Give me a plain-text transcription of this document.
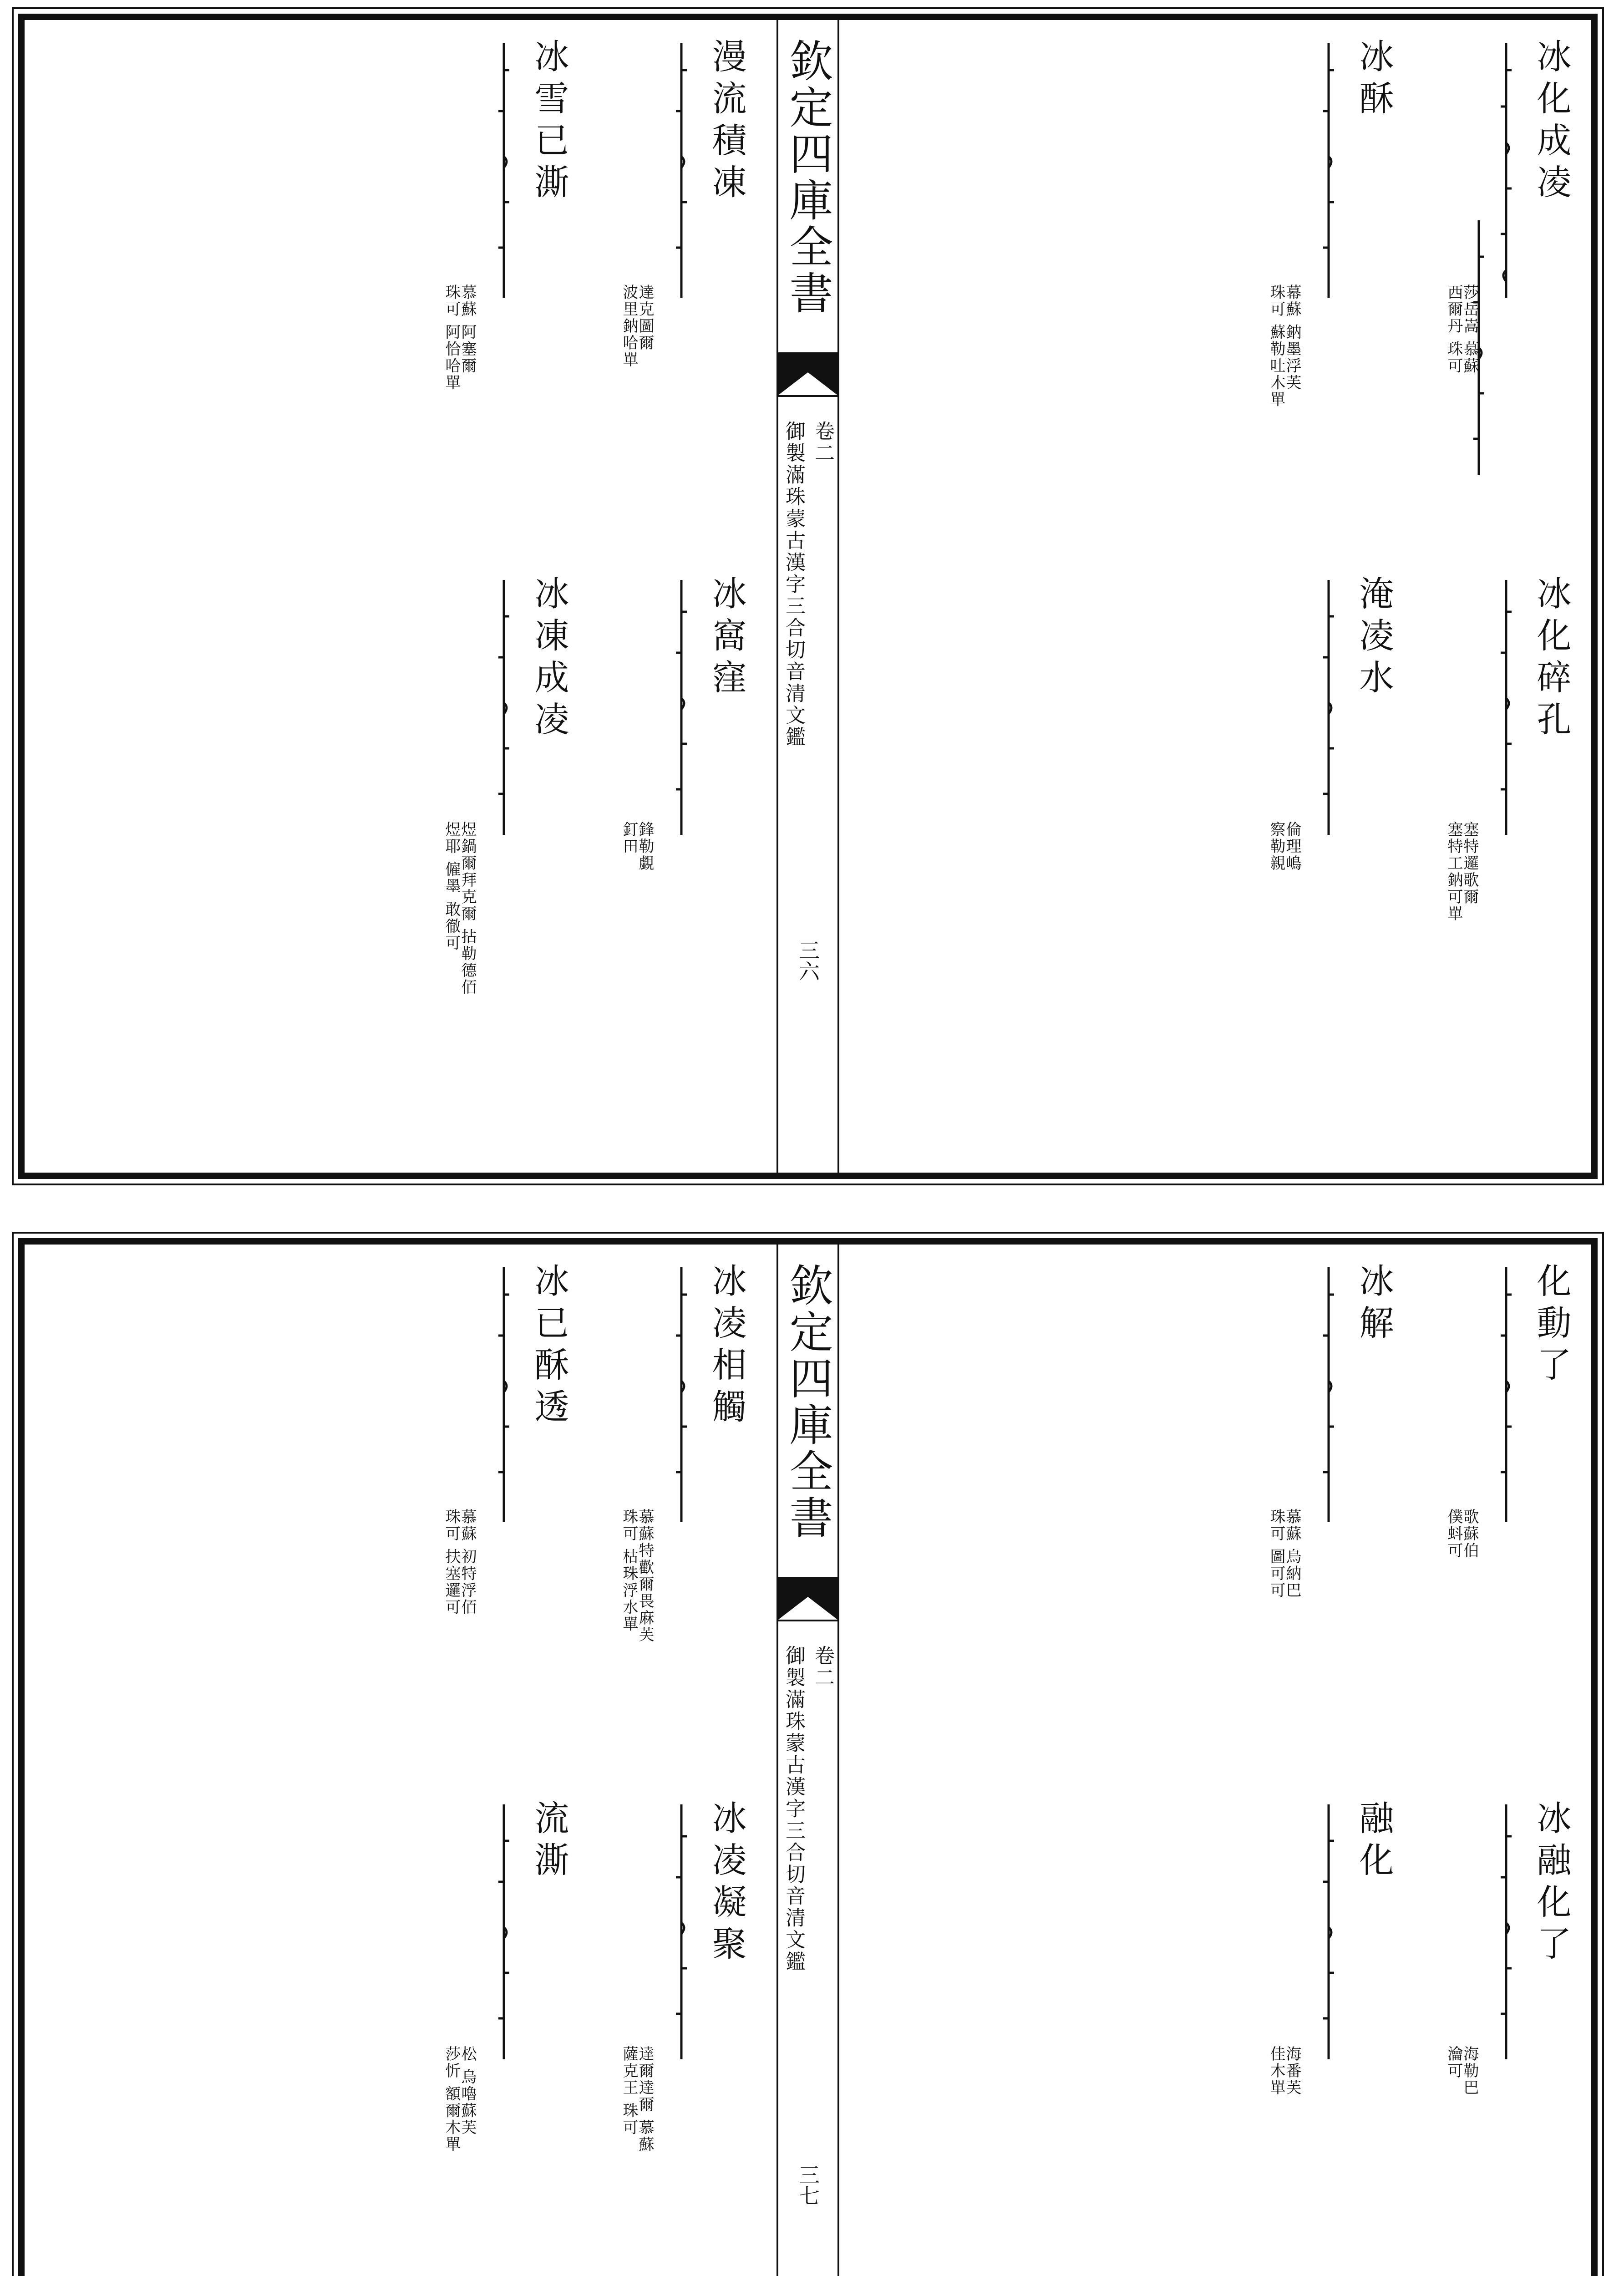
欽定四庫全書
卷二
御製滿珠蒙古漢字三合切音清文鑑
三六
冰化成凌
莎岳嵩 慕蘇
西爾丹 珠可
冰化碎孔
塞特邏歌爾
塞特工鈉可單
冰酥
幕蘇 鈉墨浮芙
珠可 蘇勒吐木單
淹凌水
倫理嶋
察勒親
漫流積凍
達克圖爾
波里鈉哈單
冰窩窪
鋒勒覷
釘田
冰雪已澌
慕蘇 阿塞爾
珠可 阿恰哈單
冰凍成凌
煜鍋爾拜克爾 拈勒德佰
煜耶 僱墨 敢徹可
欽定四庫全書
卷二
御製滿珠蒙古漢字三合切音清文鑑
三七
化動了
歌蘇伯
僕蚪可
冰融化了
海勒巴
瀹可
冰解
慕蘇 烏納巴
珠可 圖可可
融化
海番芙
佳木單
冰凌相觸
慕蘇特歡爾畏麻芙
珠可 枯珠浮水單
冰凌凝聚
達爾達爾 慕蘇
薩克王 珠可
冰已酥透
慕蘇 初特浮佰
珠可 扶塞邏可
流澌
松 烏嚕蘇芙
莎忻 額爾木單
